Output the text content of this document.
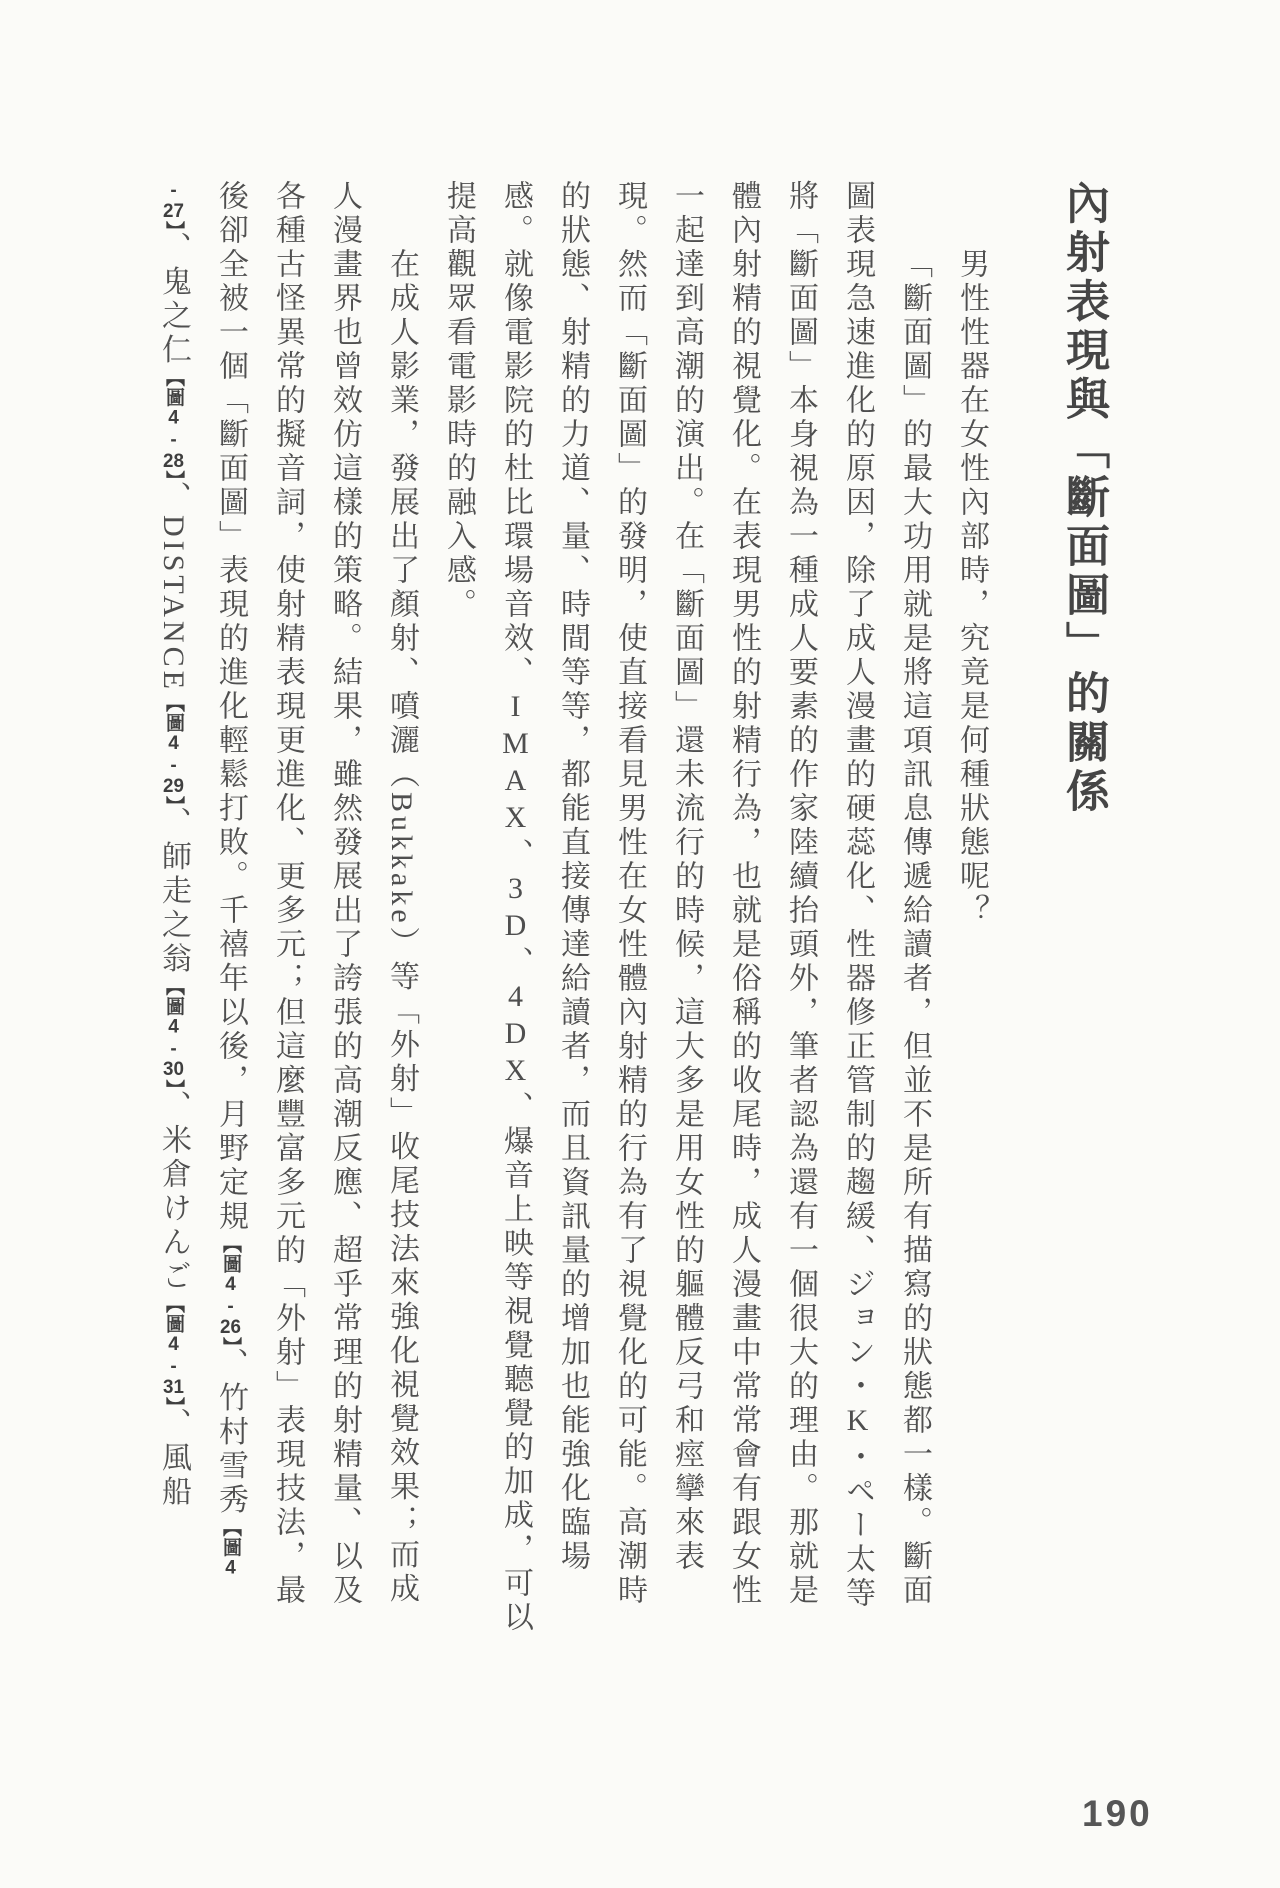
內射表現與「斷面圖」的關係
男性性器在女性內部時，究竟是何種狀態呢？
「斷面圖」的最大功用就是將這項訊息傳遞給讀者，但並不是所有描寫的狀態都一樣。斷面
圖表現急速進化的原因，除了成人漫畫的硬蕊化、性器修正管制的趨緩、ジョン・K・ペー太等
將「斷面圖」本身視為一種成人要素的作家陸續抬頭外，筆者認為還有一個很大的理由。那就是
體內射精的視覺化。在表現男性的射精行為，也就是俗稱的收尾時，成人漫畫中常常會有跟女性
一起達到高潮的演出。在「斷面圖」還未流行的時候，這大多是用女性的軀體反弓和痙攣來表
現。然而「斷面圖」的發明，使直接看見男性在女性體內射精的行為有了視覺化的可能。高潮時
的狀態、射精的力道、量、時間等等，都能直接傳達給讀者，而且資訊量的增加也能強化臨場
感。就像電影院的杜比環場音效、IMAX、3D、4DX、爆音上映等視覺聽覺的加成，可以
提高觀眾看電影時的融入感。
在成人影業，發展出了顏射、噴灑（Bukkake）等「外射」收尾技法來強化視覺效果；而成
人漫畫界也曾效仿這樣的策略。結果，雖然發展出了誇張的高潮反應、超乎常理的射精量、以及
各種古怪異常的擬音詞，使射精表現更進化、更多元；但這麼豐富多元的「外射」表現技法，最
後卻全被一個「斷面圖」表現的進化輕鬆打敗。千禧年以後，月野定規【圖4-26】、竹村雪秀【圖4
-27】、鬼之仁【圖4-28】、DISTANCE【圖4-29】、師走之翁【圖4-30】、米倉けんご【圖4-31】、風船
190
